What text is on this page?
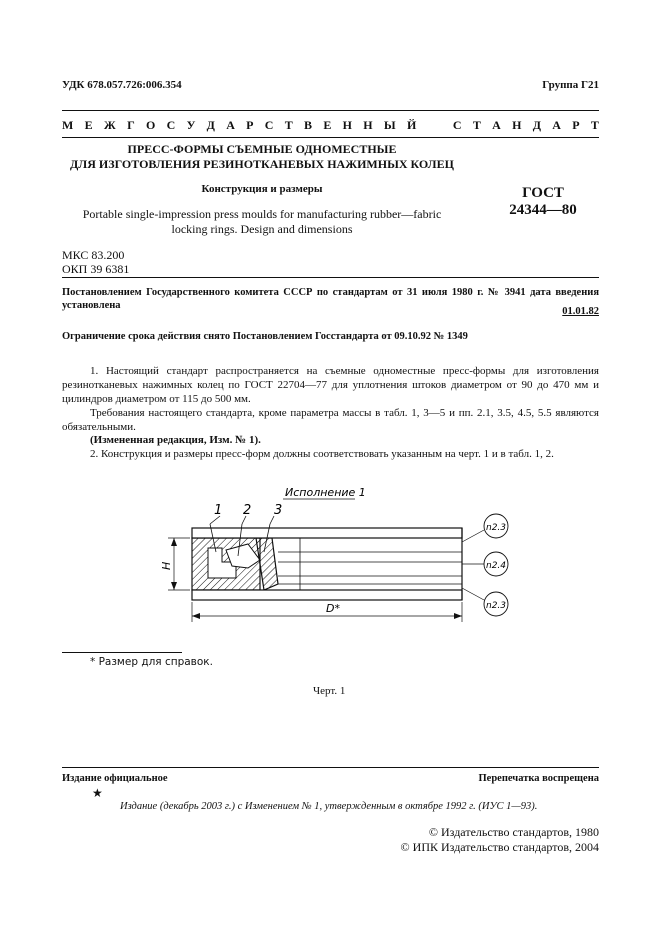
УДК 678.057.726:006.354	Группа Г21
М Е Ж Г О С У Д А Р С Т В Е Н Н Ы Й	С Т А Н Д А Р Т
ПРЕСС-ФОРМЫ СЪЕМНЫЕ ОДНОМЕСТНЫЕ
ДЛЯ ИЗГОТОВЛЕНИЯ РЕЗИНОТКАНЕВЫХ НАЖИМНЫХ КОЛЕЦ
Конструкция и размеры
Portable single-impression press moulds for manufacturing rubber—fabric
locking rings. Design and dimensions
ГОСТ
24344—80
МКС 83.200
ОКП 39 6381
Постановлением Государственного комитета СССР по стандартам от 31 июля 1980 г. № 3941 дата введения установлена
01.01.82
Ограничение срока действия снято Постановлением Госстандарта от 09.10.92 № 1349
1. Настоящий стандарт распространяется на съемные одноместные пресс-формы для изготовления резинотканевых нажимных колец по ГОСТ 22704—77 для уплотнения штоков диаметром от 90 до 470 мм и цилиндров диаметром от 115 до 500 мм.
Требования настоящего стандарта, кроме параметра массы в табл. 1, 3—5 и пп. 2.1, 3.5, 4.5, 5.5 являются обязательными.
(Измененная редакция, Изм. № 1).
2. Конструкция и размеры пресс-форм должны соответствовать указанным на черт. 1 и в табл. 1, 2.
Исполнение 1
1 2 3
H
D*
n2.3
n2.4
n2.3
* Размер для справок.
Черт. 1
Издание официальное	Перепечатка воспрещена
★
Издание (декабрь 2003 г.) с Изменением № 1, утвержденным в октябре 1992 г. (ИУС 1—93).
© Издательство стандартов, 1980
© ИПК Издательство стандартов, 2004
